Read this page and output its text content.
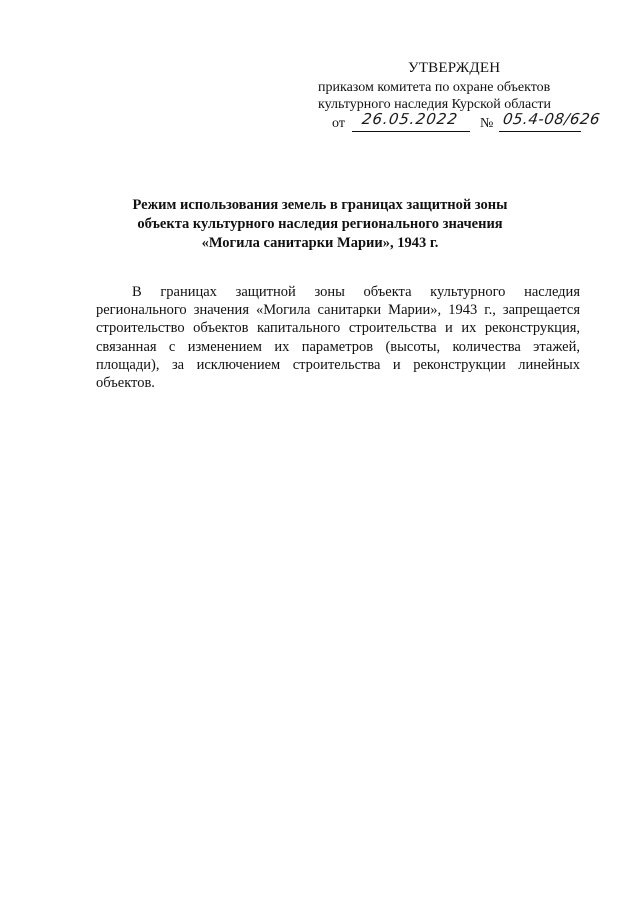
УТВЕРЖДЕН
приказом комитета по охране объектов
культурного наследия Курской области
от 26.05.2022 № 05.4-08/626
Режим использования земель в границах защитной зоны
объекта культурного наследия регионального значения
«Могила санитарки Марии», 1943 г.
В границах защитной зоны объекта культурного наследия регионального значения «Могила санитарки Марии», 1943 г., запрещается строительство объектов капитального строительства и их реконструкция, связанная с изменением их параметров (высоты, количества этажей, площади), за исключением строительства и реконструкции линейных объектов.
